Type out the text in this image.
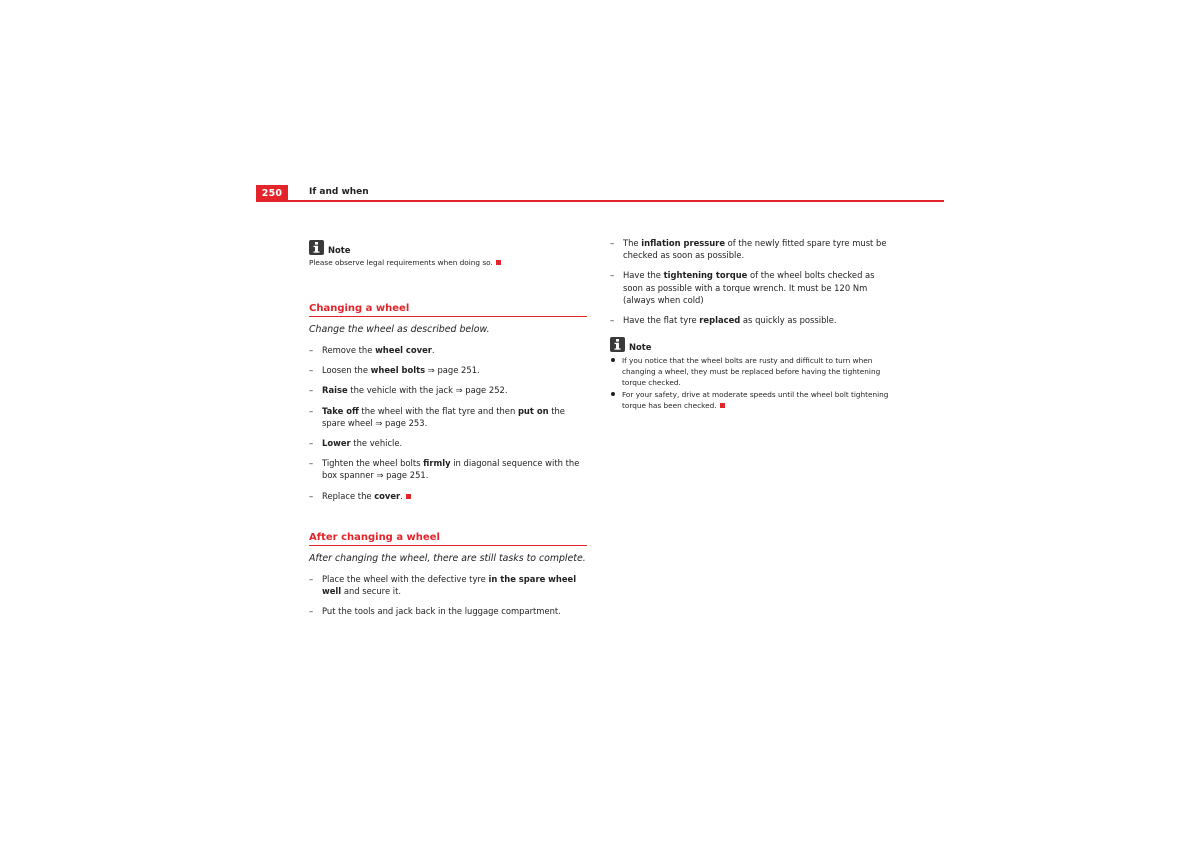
250	If and when
Note
Please observe legal requirements when doing so.
Changing a wheel
Change the wheel as described below.
–	Remove the wheel cover.
–	Loosen the wheel bolts ⇒ page 251.
–	Raise the vehicle with the jack ⇒ page 252.
–	Take off the wheel with the flat tyre and then put on the spare wheel ⇒ page 253.
–	Lower the vehicle.
–	Tighten the wheel bolts firmly in diagonal sequence with the box spanner ⇒ page 251.
–	Replace the cover.
After changing a wheel
After changing the wheel, there are still tasks to complete.
–	Place the wheel with the defective tyre in the spare wheel well and secure it.
–	Put the tools and jack back in the luggage compartment.
–	The inflation pressure of the newly fitted spare tyre must be checked as soon as possible.
–	Have the tightening torque of the wheel bolts checked as soon as possible with a torque wrench. It must be 120 Nm (always when cold)
–	Have the flat tyre replaced as quickly as possible.
Note
If you notice that the wheel bolts are rusty and difficult to turn when changing a wheel, they must be replaced before having the tightening torque checked.
For your safety, drive at moderate speeds until the wheel bolt tightening torque has been checked.
